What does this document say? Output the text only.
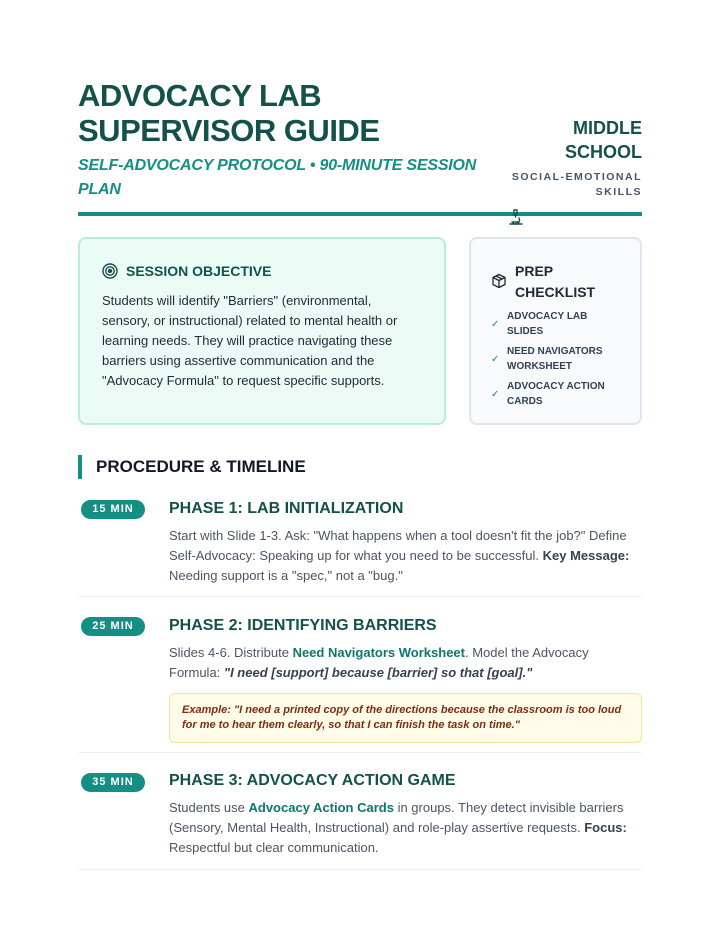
ADVOCACY LAB SUPERVISOR GUIDE
SELF-ADVOCACY PROTOCOL • 90-MINUTE SESSION PLAN
MIDDLE SCHOOL
SOCIAL-EMOTIONAL SKILLS
SESSION OBJECTIVE

Students will identify "Barriers" (environmental, sensory, or instructional) related to mental health or learning needs. They will practice navigating these barriers using assertive communication and the "Advocacy Formula" to request specific supports.

PREP CHECKLIST
✓
ADVOCACY LAB SLIDES
✓
NEED NAVIGATORS WORKSHEET
✓
ADVOCACY ACTION CARDS
PROCEDURE & TIMELINE
15 MIN	PHASE 1: LAB INITIALIZATION

Start with Slide 1-3. Ask: "What happens when a tool doesn't fit the job?" Define Self-Advocacy: Speaking up for what you need to be successful. Key Message: Needing support is a "spec," not a "bug."

25 MIN	PHASE 2: IDENTIFYING BARRIERS

Slides 4-6. Distribute Need Navigators Worksheet. Model the Advocacy Formula: "I need [support] because [barrier] so that [goal]."

Example: "I need a printed copy of the directions because the classroom is too loud for me to hear them clearly, so that I can finish the task on time."
35 MIN	PHASE 3: ADVOCACY ACTION GAME

Students use Advocacy Action Cards in groups. They detect invisible barriers (Sensory, Mental Health, Instructional) and role-play assertive requests. Focus: Respectful but clear communication.
